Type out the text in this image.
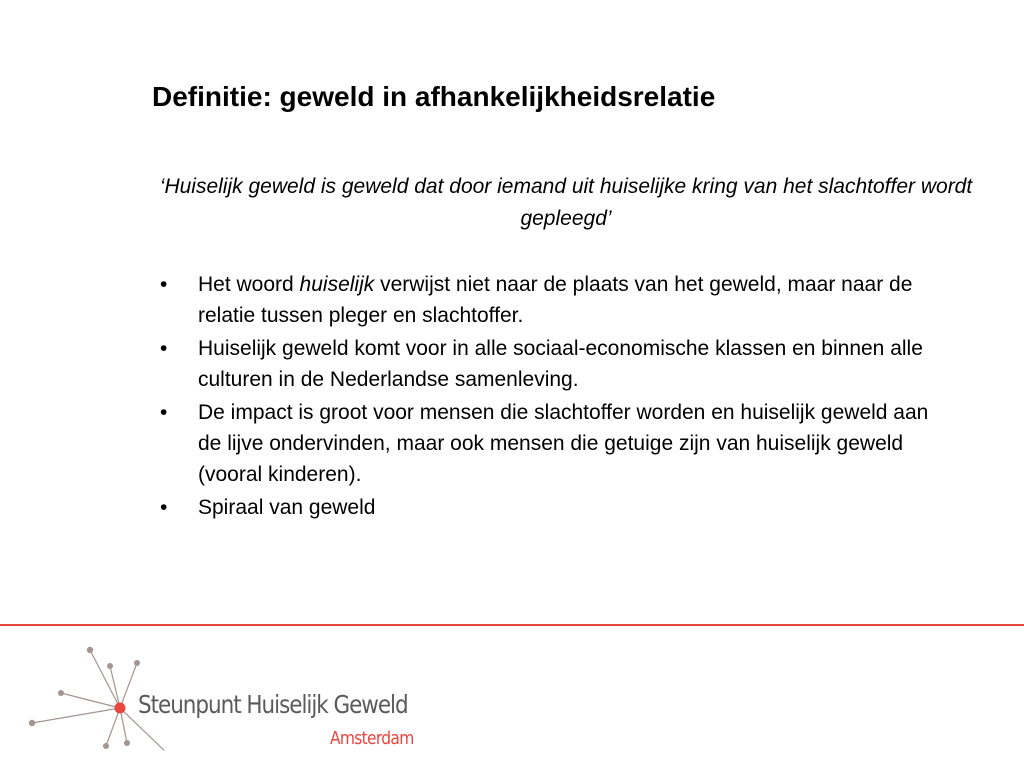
Definitie: geweld in afhankelijkheidsrelatie
‘Huiselijk geweld is geweld dat door iemand uit huiselijke kring van het slachtoffer wordt gepleegd’
• Het woord huiselijk verwijst niet naar de plaats van het geweld, maar naar de relatie tussen pleger en slachtoffer.
• Huiselijk geweld komt voor in alle sociaal-economische klassen en binnen alle culturen in de Nederlandse samenleving.
• De impact is groot voor mensen die slachtoffer worden en huiselijk geweld aan de lijve ondervinden, maar ook mensen die getuige zijn van huiselijk geweld (vooral kinderen).
• Spiraal van geweld
Steunpunt Huiselijk Geweld
Amsterdam
